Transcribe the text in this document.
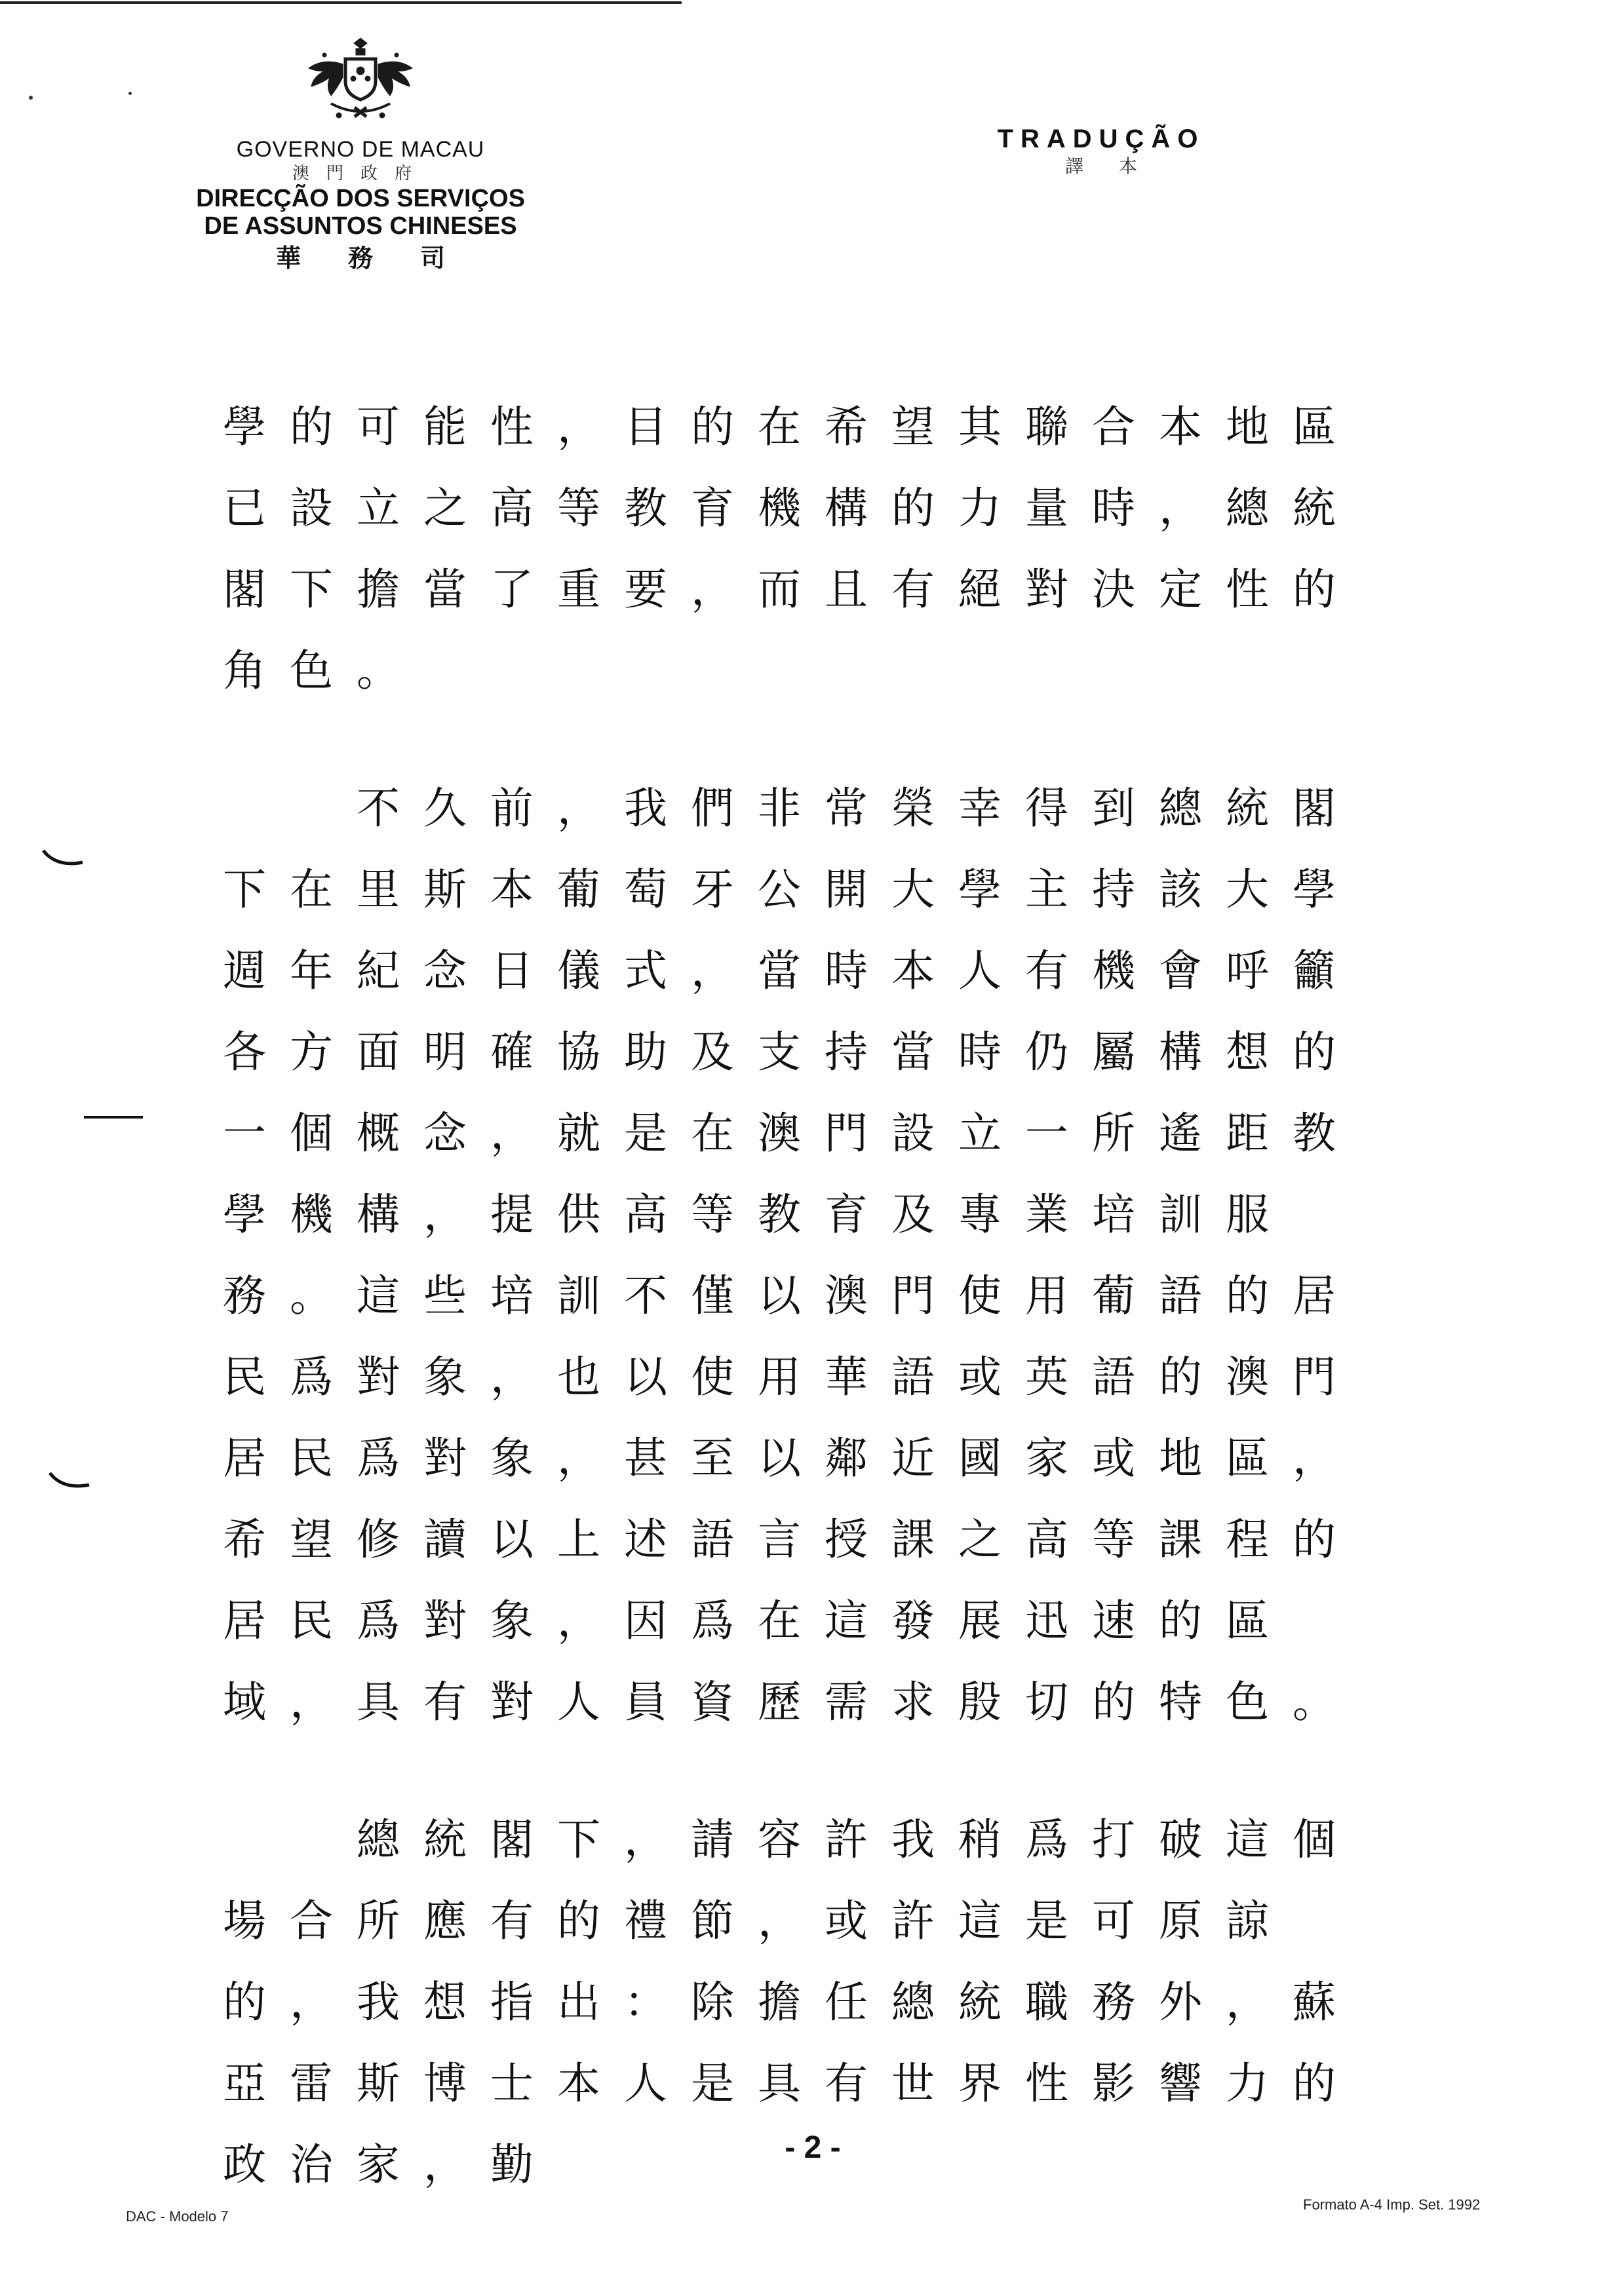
GOVERNO DE MACAU
澳門政府
DIRECÇÃO DOS SERVIÇOS
DE ASSUNTOS CHINESES
華務司
TRADUÇÃO
譯本

學的可能性，目的在希望其聯合本地區已設立之高等教育機構的力量時，總統閣下擔當了重要，而且有絕對決定性的角色。

不久前，我們非常榮幸得到總統閣下在里斯本葡萄牙公開大學主持該大學週年紀念日儀式，當時本人有機會呼籲各方面明確協助及支持當時仍屬構想的一個概念，就是在澳門設立一所遙距教學機構，提供高等教育及專業培訓服務。這些培訓不僅以澳門使用葡語的居民爲對象，也以使用華語或英語的澳門居民爲對象，甚至以鄰近國家或地區，希望修讀以上述語言授課之高等課程的居民爲對象，因爲在這發展迅速的區域，具有對人員資歷需求殷切的特色。

總統閣下，請容許我稍爲打破這個場合所應有的禮節，或許這是可原諒的，我想指出：除擔任總統職務外，蘇亞雷斯博士本人是具有世界性影響力的政治家，勤	- 2 -
DAC - Modelo 7
Formato A-4 Imp. Set. 1992
